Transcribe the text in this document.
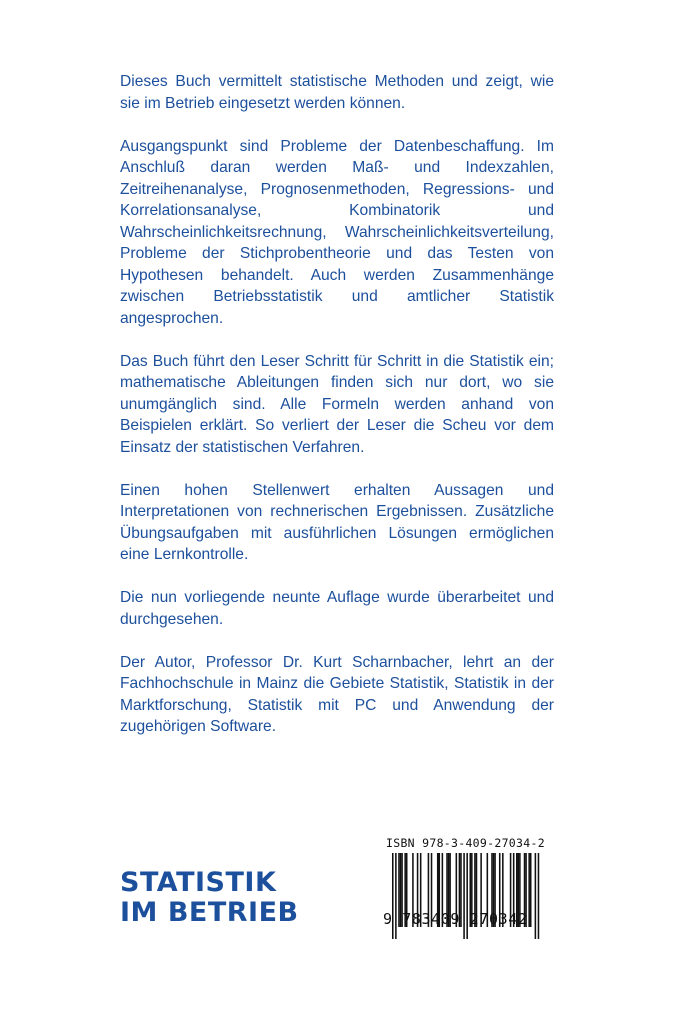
Dieses Buch vermittelt statistische Methoden und zeigt, wie sie im Betrieb eingesetzt werden können.

Ausgangspunkt sind Probleme der Datenbeschaffung. Im Anschluß daran werden Maß- und Indexzahlen, Zeitreihenanalyse, Prognosenmethoden, Regressions- und Korrelationsanalyse, Kombinatorik und Wahrscheinlichkeitsrechnung, Wahrscheinlichkeitsverteilung, Probleme der Stichprobentheorie und das Testen von Hypothesen behandelt. Auch werden Zusammenhänge zwischen Betriebsstatistik und amtlicher Statistik angesprochen.

Das Buch führt den Leser Schritt für Schritt in die Statistik ein; mathematische Ableitungen finden sich nur dort, wo sie unumgänglich sind. Alle Formeln werden anhand von Beispielen erklärt. So verliert der Leser die Scheu vor dem Einsatz der statistischen Verfahren.

Einen hohen Stellenwert erhalten Aussagen und Interpretationen von rechnerischen Ergebnissen. Zusätzliche Übungsaufgaben mit ausführlichen Lösungen ermöglichen eine Lernkontrolle.

Die nun vorliegende neunte Auflage wurde überarbeitet und durchgesehen.

Der Autor, Professor Dr. Kurt Scharnbacher, lehrt an der Fachhochschule in Mainz die Gebiete Statistik, Statistik in der Marktforschung, Statistik mit PC und Anwendung der zugehörigen Software.

STATISTIK
IM BETRIEB
ISBN 978-3-409-27034-2
9 783409 270342
